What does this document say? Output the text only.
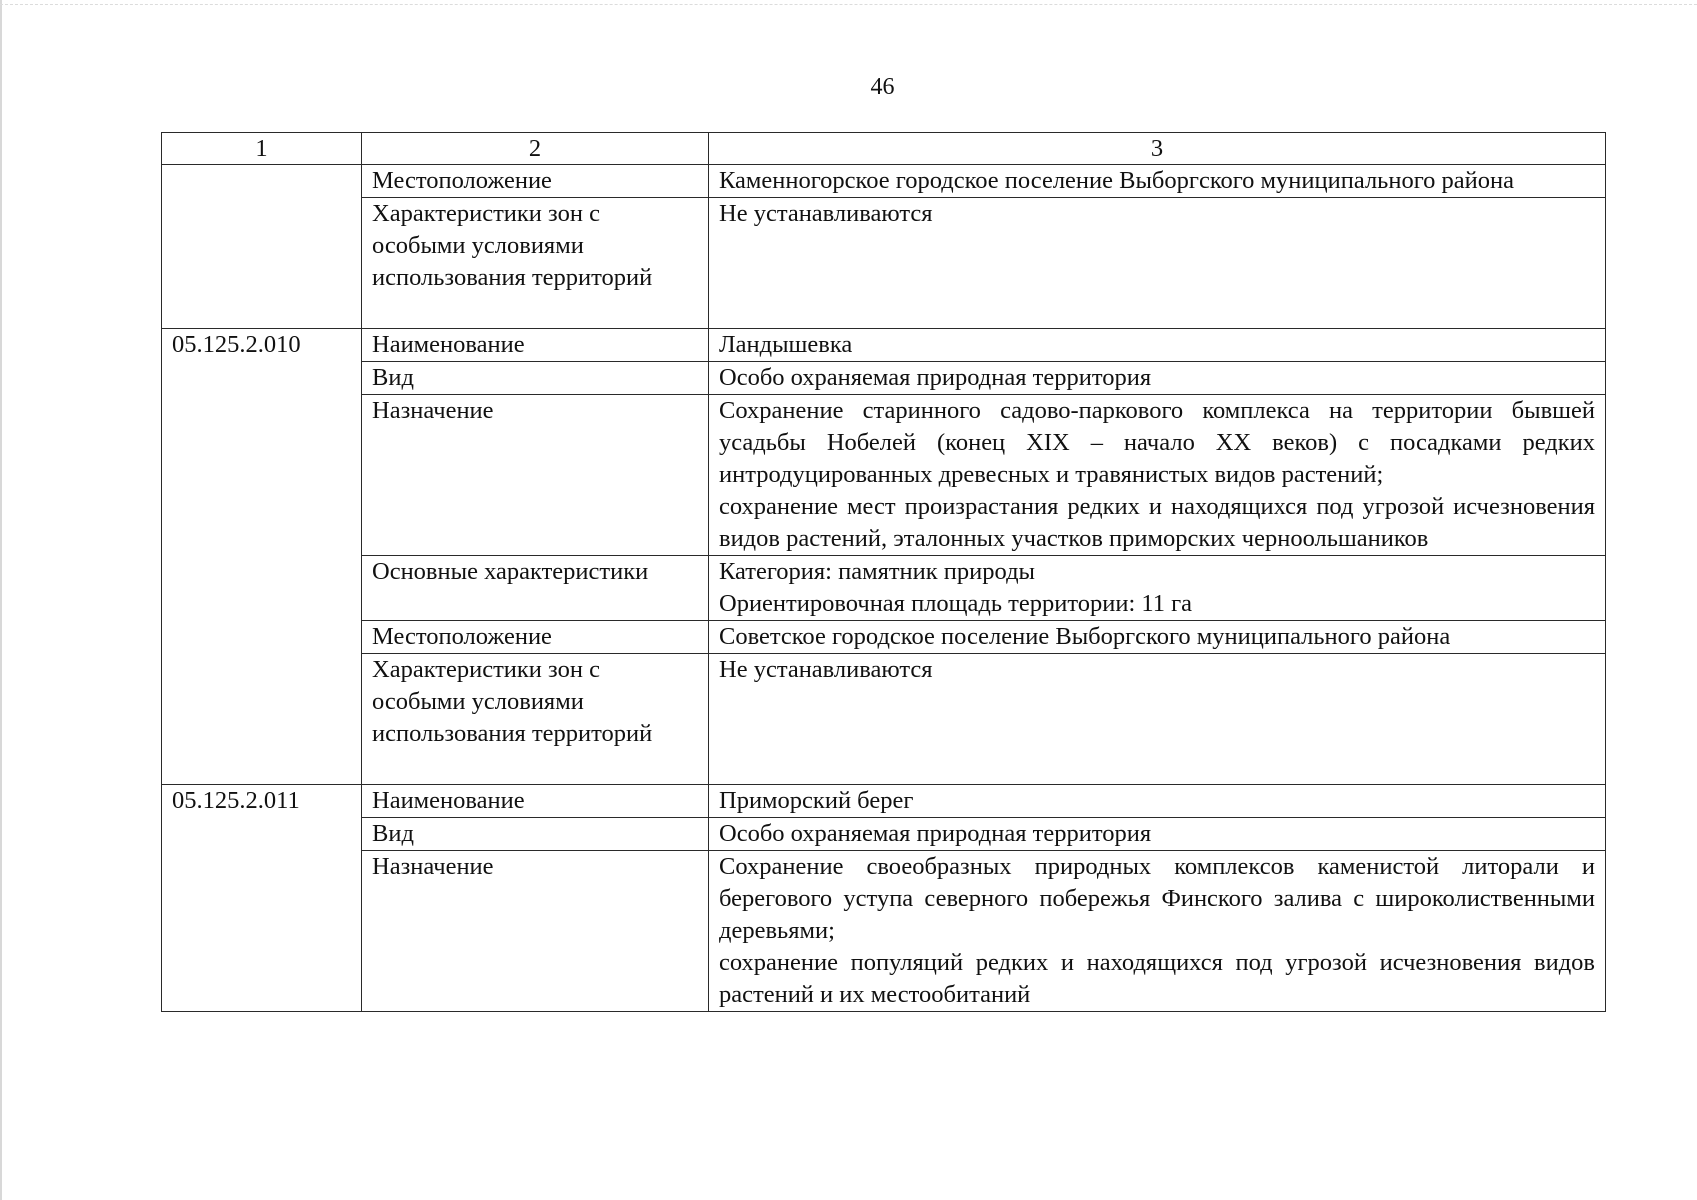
46
1	2	3
	Местоположение	Каменногорское городское поселение Выборгского муниципального района

	Характеристики зон с особыми условиями использования территорий	Не устанавливаются
05.125.2.010	Наименование	Ландышевка
	Вид	Особо охраняемая природная территория
	Назначение	Сохранение старинного садово-паркового комплекса на территории бывшей усадьбы Нобелей (конец XIX – начало XX веков) с посадками редких интродуцированных древесных и травянистых видов растений;
сохранение мест произрастания редких и находящихся под угрозой исчезновения видов растений, эталонных участков приморских черноольшаников

	Основные характеристики	Категория: памятник природы
Ориентировочная площадь территории: 11 га

	Местоположение	Советское городское поселение Выборгского муниципального района
	Характеристики зон с особыми условиями использования территорий	Не устанавливаются
05.125.2.011	Наименование	Приморский берег
	Вид	Особо охраняемая природная территория
	Назначение	Сохранение своеобразных природных комплексов каменистой литорали и берегового уступа северного побережья Финского залива с широколиственными деревьями;
сохранение популяций редких и находящихся под угрозой исчезновения видов растений и их местообитаний
